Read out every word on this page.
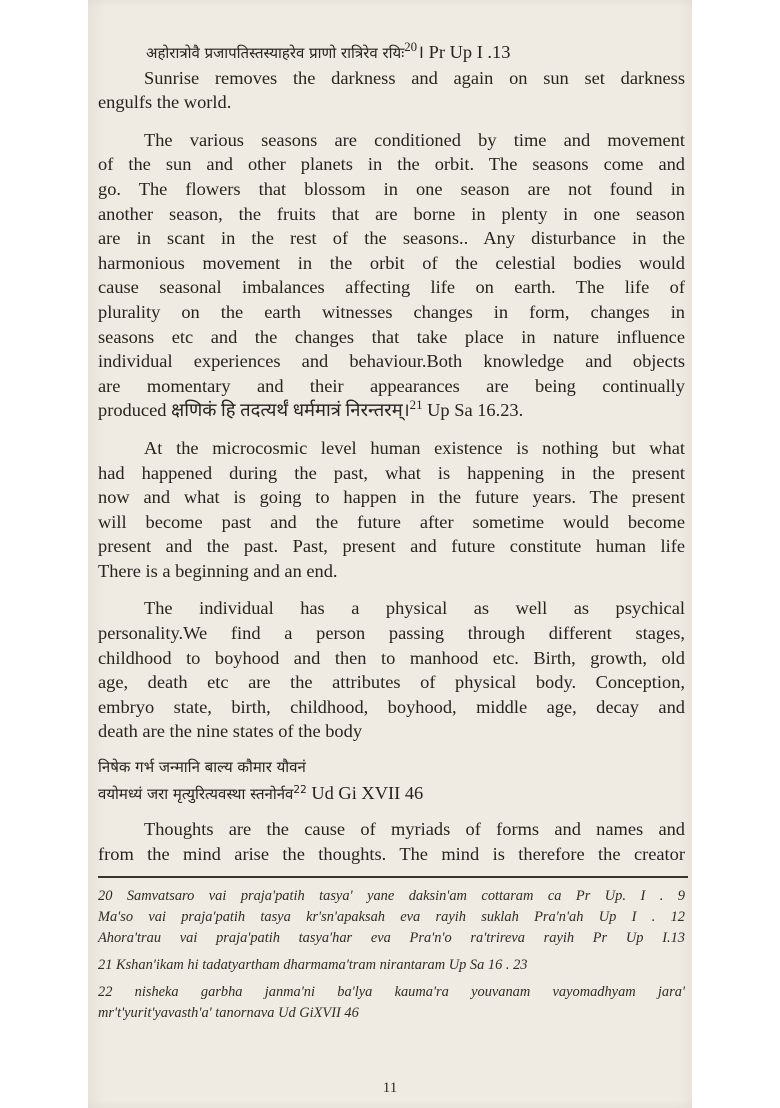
अहोरात्रोवै प्रजापतिस्तस्याहरेव प्राणो रात्रिरेव रयिः$^{20}$। Pr Up I .13
Sunrise removes the darkness and again on sun set darkness
engulfs the world.
The various seasons are conditioned by time and movement
of the sun and other planets in the orbit. The seasons come and
go. The flowers that blossom in one season are not found in
another season, the fruits that are borne in plenty in one season
are in scant in the rest of the seasons.. Any disturbance in the
harmonious movement in the orbit of the celestial bodies would
cause seasonal imbalances affecting life on earth. The life of
plurality on the earth witnesses changes in form, changes in
seasons etc and the changes that take place in nature influence
individual experiences and behaviour.Both knowledge and objects
are momentary and their appearances are being continually
produced क्षणिकं हि तदत्यर्थं धर्ममात्रं निरन्तरम्।$^{21}$ Up Sa 16.23.
At the microcosmic level human existence is nothing but what
had happened during the past, what is happening in the present
now and what is going to happen in the future years. The present
will become past and the future after sometime would become
present and the past. Past, present and future constitute human life
There is a beginning and an end.
The individual has a physical as well as psychical
personality.We find a person passing through different stages,
childhood to boyhood and then to manhood etc. Birth, growth, old
age, death etc are the attributes of physical body. Conception,
embryo state, birth, childhood, boyhood, middle age, decay and
death are the nine states of the body
निषेक गर्भ जन्मानि बाल्य कौमार यौवनं
वयोमध्यं जरा मृत्युरित्यवस्था स्तनोर्नव$^{22}$ Ud Gi XVII 46
Thoughts are the cause of myriads of forms and names and
from the mind arise the thoughts. The mind is therefore the creator
20 Samvatsaro vai praja'patih tasya' yane daksin'am cottaram ca Pr Up. I . 9
Ma'so vai praja'patih tasya kr'sn'apaksah eva rayih suklah Pra'n'ah Up I . 12
Ahora'trau vai praja'patih tasya'har eva Pra'n'o ra'trireva rayih Pr Up I.13
21 Kshan'ikam hi tadatyartham dharmama'tram nirantaram Up Sa 16 . 23
22 nisheka garbha janma'ni ba'lya kauma'ra youvanam vayomadhyam jara'
mr't'yurit'yavasth'a' tanornava Ud GiXVII 46
11
